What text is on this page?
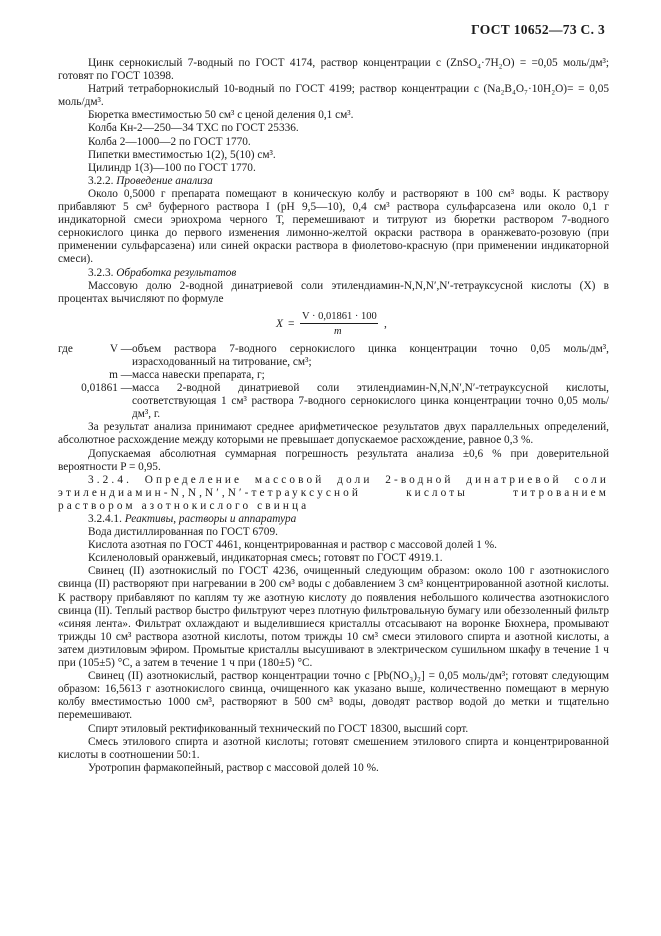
ГОСТ 10652—73 С. 3

Цинк сернокислый 7-водный по ГОСТ 4174, раствор концентрации c (ZnSO₄·7H₂O) = =0,05 моль/дм³; готовят по ГОСТ 10398.

Натрий тетраборнокислый 10-водный по ГОСТ 4199; раствор концентрации c (Na₂B₄O₇·10H₂O)= = 0,05 моль/дм³.

Бюретка вместимостью 50 см³ с ценой деления 0,1 см³.

Колба Кн-2—250—34 ТХС по ГОСТ 25336.

Колба 2—1000—2 по ГОСТ 1770.

Пипетки вместимостью 1(2), 5(10) см³.

Цилиндр 1(3)—100 по ГОСТ 1770.

3.2.2. Проведение анализа

Около 0,5000 г препарата помещают в коническую колбу и растворяют в 100 см³ воды. К раствору прибавляют 5 см³ буферного раствора I (pH 9,5—10), 0,4 см³ раствора сульфарсазена или около 0,1 г индикаторной смеси эриохрома черного Т, перемешивают и титруют из бюретки раствором 7-водного сернокислого цинка до первого изменения лимонно-желтой окраски раствора в оранжевато-розовую (при применении сульфарсазена) или синей окраски раствора в фиолетово-красную (при применении индикаторной смеси).

3.2.3. Обработка результатов

Массовую долю 2-водной динатриевой соли этилендиамин-N,N,N′,N′-тетрауксусной кислоты (X) в процентах вычисляют по формуле

X =
V · 0,01861 · 100
m
,
где	V —	объем раствора 7-водного сернокислого цинка концентрации точно 0,05 моль/дм³, израсходованный на титрование, см³;
	m —	масса навески препарата, г;
0,01861 —		масса 2-водной динатриевой соли этилендиамин-N,N,N′,N′-тетрауксусной кислоты, соответствующая 1 см³ раствора 7-водного сернокислого цинка концентрации точно 0,05 моль/дм³, г.

За результат анализа принимают среднее арифметическое результатов двух параллельных определений, абсолютное расхождение между которыми не превышает допускаемое расхождение, равное 0,3 %.

Допускаемая абсолютная суммарная погрешность результата анализа ±0,6 % при доверительной вероятности P = 0,95.

3.2.4. Определение массовой доли 2-водной динатриевой соли этилендиамин-N,N,N′,N′-тетрауксусной кислоты титрованием раствором азотнокислого свинца

3.2.4.1. Реактивы, растворы и аппаратура

Вода дистиллированная по ГОСТ 6709.

Кислота азотная по ГОСТ 4461, концентрированная и раствор с массовой долей 1 %.

Ксиленоловый оранжевый, индикаторная смесь; готовят по ГОСТ 4919.1.

Свинец (II) азотнокислый по ГОСТ 4236, очищенный следующим образом: около 100 г азотнокислого свинца (II) растворяют при нагревании в 200 см³ воды с добавлением 3 см³ концентрированной азотной кислоты. К раствору прибавляют по каплям ту же азотную кислоту до появления небольшого количества азотнокислого свинца (II). Теплый раствор быстро фильтруют через плотную фильтровальную бумагу или обеззоленный фильтр «синяя лента». Фильтрат охлаждают и выделившиеся кристаллы отсасывают на воронке Бюхнера, промывают трижды 10 см³ раствора азотной кислоты, потом трижды 10 см³ смеси этилового спирта и азотной кислоты, а затем диэтиловым эфиром. Промытые кристаллы высушивают в электрическом сушильном шкафу в течение 1 ч при (105±5) °C, а затем в течение 1 ч при (180±5) °C.

Свинец (II) азотнокислый, раствор концентрации точно c [Pb(NO₃)₂] = 0,05 моль/дм³; готовят следующим образом: 16,5613 г азотнокислого свинца, очищенного как указано выше, количественно помещают в мерную колбу вместимостью 1000 см³, растворяют в 500 см³ воды, доводят раствор водой до метки и тщательно перемешивают.

Спирт этиловый ректификованный технический по ГОСТ 18300, высший сорт.

Смесь этилового спирта и азотной кислоты; готовят смешением этилового спирта и концентрированной кислоты в соотношении 50:1.

Уротропин фармакопейный, раствор с массовой долей 10 %.
